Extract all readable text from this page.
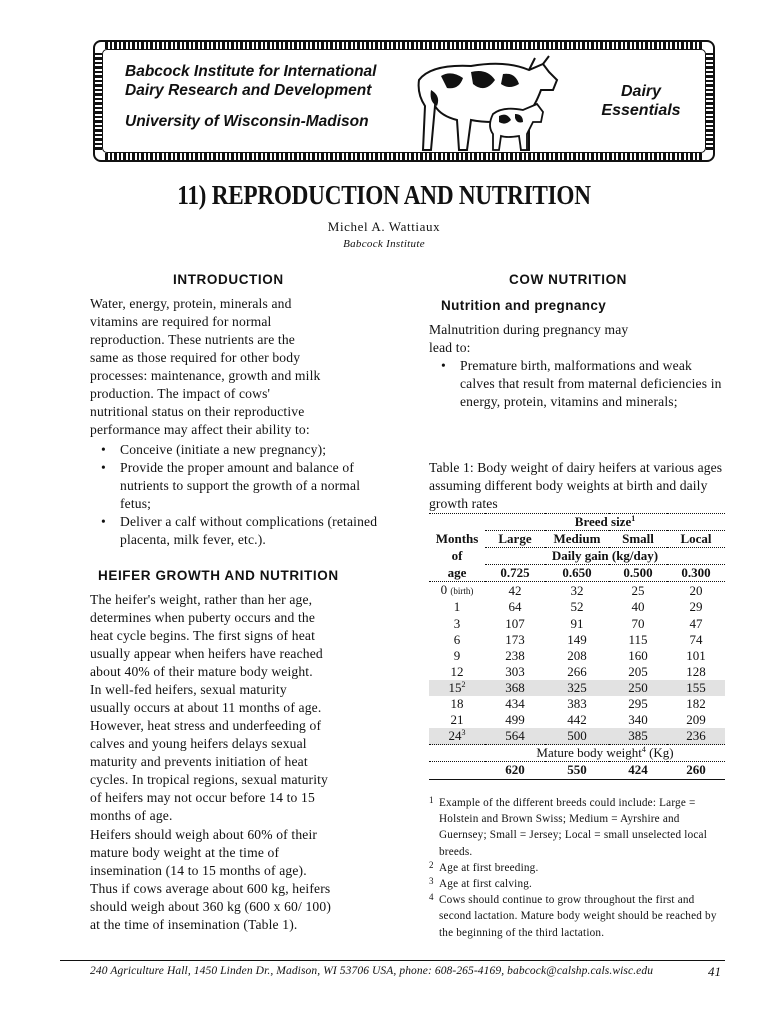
Babcock Institute for International
Dairy Research and Development
University of Wisconsin-Madison
Dairy
Essentials
11) REPRODUCTION AND NUTRITION
Michel A. Wattiaux
Babcock Institute
INTRODUCTION
Water, energy, protein, minerals and
vitamins are required for normal
reproduction. These nutrients are the
same as those required for other body
processes: maintenance, growth and milk
production. The impact of cows'
nutritional status on their reproductive
performance may affect their ability to:
• Conceive (initiate a new pregnancy);
• Provide the proper amount and balance of nutrients to support the growth of a normal fetus;
• Deliver a calf without complications (retained placenta, milk fever, etc.).
HEIFER GROWTH AND NUTRITION
The heifer's weight, rather than her age,
determines when puberty occurs and the
heat cycle begins. The first signs of heat
usually appear when heifers have reached
about 40% of their mature body weight.
In well-fed heifers, sexual maturity
usually occurs at about 11 months of age.
However, heat stress and underfeeding of
calves and young heifers delays sexual
maturity and prevents initiation of heat
cycles. In tropical regions, sexual maturity
of heifers may not occur before 14 to 15
months of age.
Heifers should weigh about 60% of their
mature body weight at the time of
insemination (14 to 15 months of age).
Thus if cows average about 600 kg, heifers
should weigh about 360 kg (600 x 60/ 100)
at the time of insemination (Table 1).
COW NUTRITION
Nutrition and pregnancy
Malnutrition during pregnancy may
lead to:
• Premature birth, malformations and weak calves that result from maternal deficiencies in energy, protein, vitamins and minerals;
Table 1: Body weight of dairy heifers at various ages assuming different body weights at birth and daily growth rates
	Breed size$^1$
Months	Large	Medium	Small	Local
of	Daily gain (kg/day)			
age	0.725	0.650	0.500	0.300
0 (birth)	42	32	25	20
1	64	52	40	29
3	107	91	70	47
6	173	149	115	74
9	238	208	160	101
12	303	266	205	128
$15^2$	368	325	250	155
18	434	383	295	182
21	499	442	340	209
$24^3$	564	500	385	236
	Mature body weight$^4$ (Kg)			
	620	550	424	260
1 Example of the different breeds could include: Large = Holstein and Brown Swiss; Medium = Ayrshire and Guernsey; Small = Jersey; Local = small unselected local breeds.
2 Age at first breeding.
3 Age at first calving.
4 Cows should continue to grow throughout the first and second lactation. Mature body weight should be reached by the beginning of the third lactation.
240 Agriculture Hall, 1450 Linden Dr., Madison, WI 53706 USA, phone: 608-265-4169, babcock@calshp.cals.wisc.edu	41
